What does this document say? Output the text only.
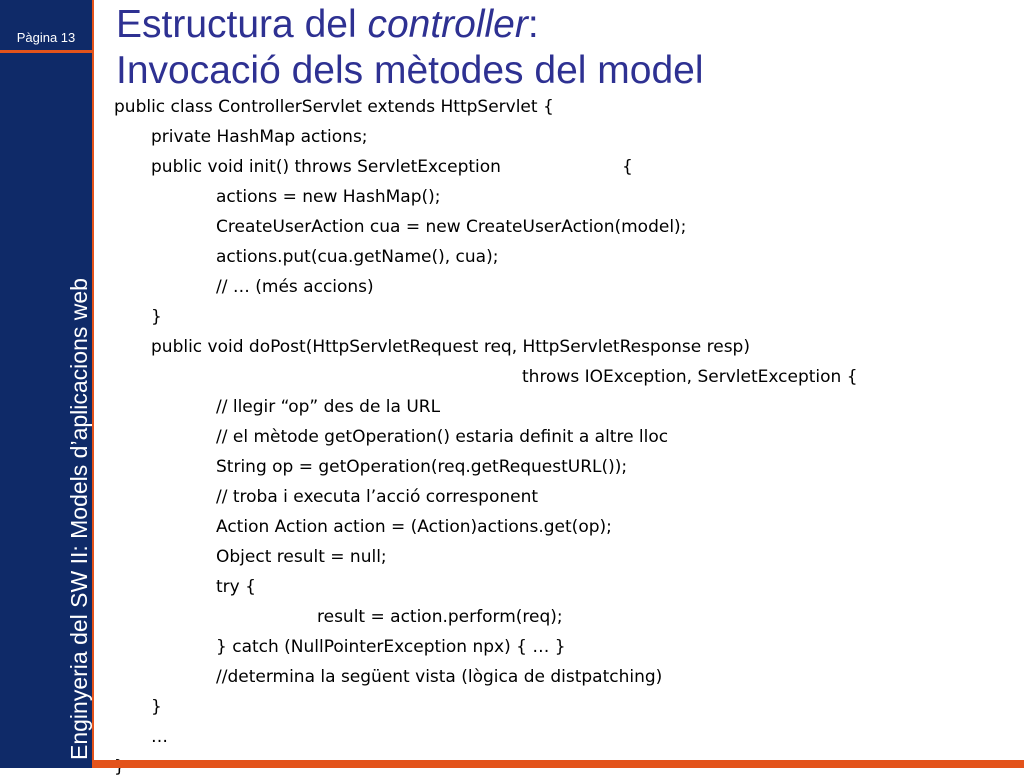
Pàgina 13
Enginyeria del SW II: Models d’aplicacions web
Estructura del controller:
Invocació dels mètodes del model
public class ControllerServlet extends HttpServlet {
private HashMap actions;
public void init() throws ServletException	{
actions = new HashMap();
CreateUserAction cua = new CreateUserAction(model);
actions.put(cua.getName(), cua);
// … (més accions)
}
public void doPost(HttpServletRequest req, HttpServletResponse resp)
throws IOException, ServletException {
// llegir “op” des de la URL
// el mètode getOperation() estaria definit a altre lloc
String op = getOperation(req.getRequestURL());
// troba i executa l’acció corresponent
Action Action action = (Action)actions.get(op);
Object result = null;
try {
result = action.perform(req);
} catch (NullPointerException npx) { … }
//determina la següent vista (lògica de distpatching)
}
…
